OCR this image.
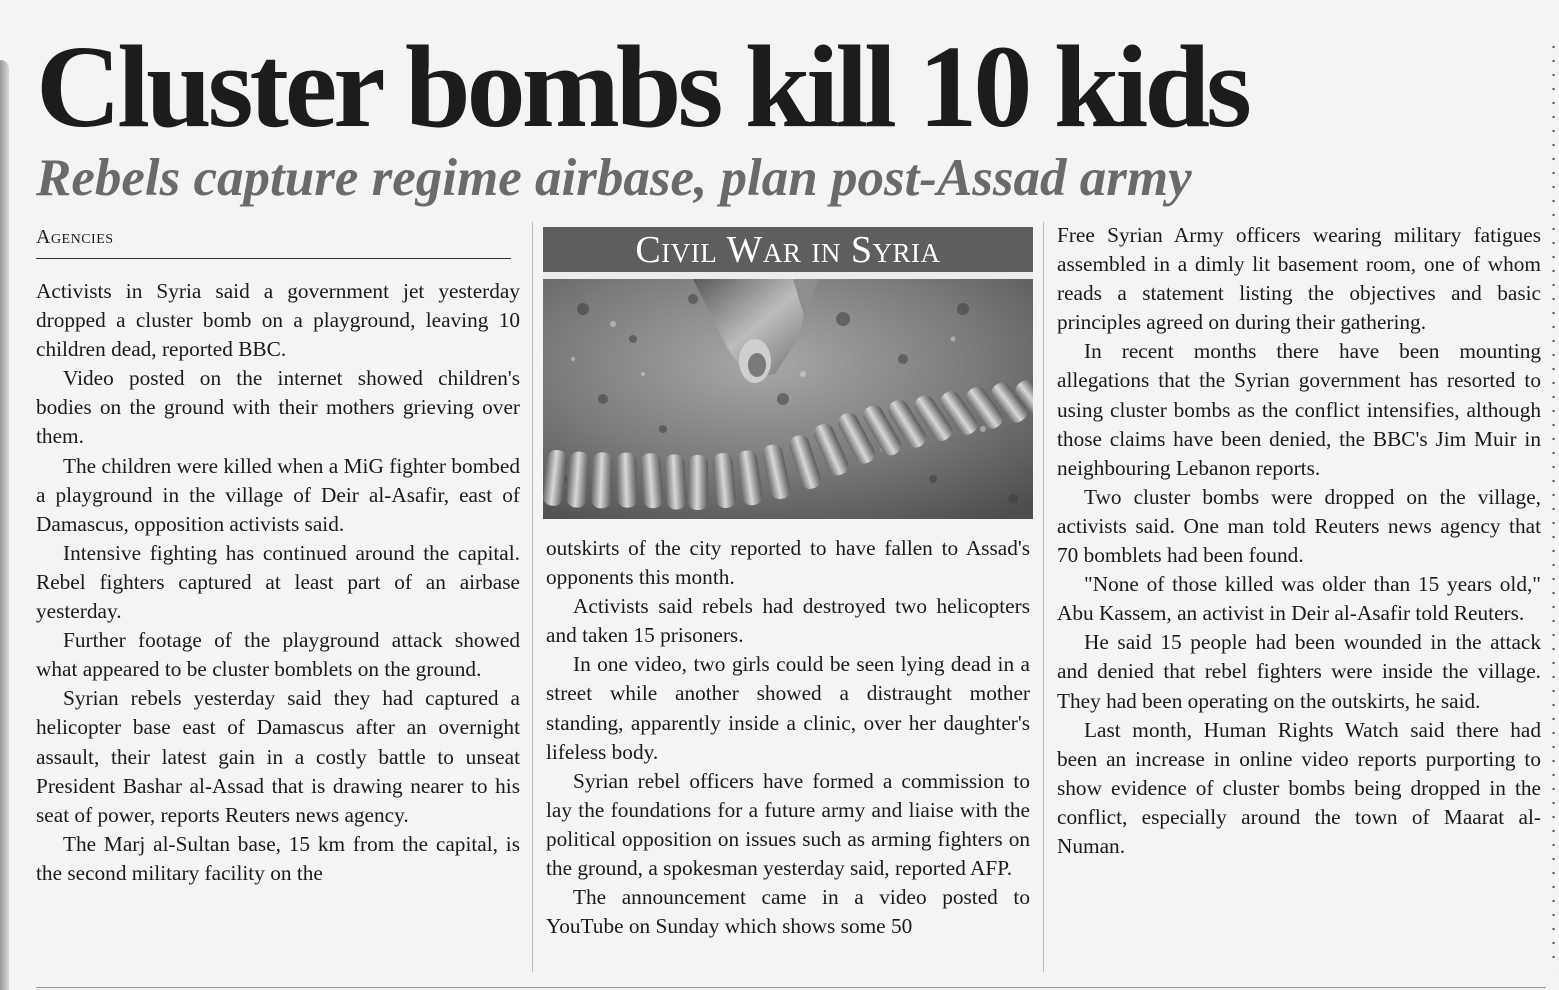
Cluster bombs kill 10 kids
Rebels capture regime airbase, plan post-Assad army
Agencies

Activists in Syria said a government jet yesterday dropped a cluster bomb on a playground, leaving 10 children dead, reported BBC.

Video posted on the internet showed children's bodies on the ground with their mothers grieving over them.

The children were killed when a MiG fighter bombed a playground in the village of Deir al-Asafir, east of Damascus, opposition activists said.

Intensive fighting has continued around the capital. Rebel fighters captured at least part of an airbase yesterday.

Further footage of the playground attack showed what appeared to be cluster bomblets on the ground.

Syrian rebels yesterday said they had captured a helicopter base east of Damascus after an overnight assault, their latest gain in a costly battle to unseat President Bashar al-Assad that is drawing nearer to his seat of power, reports Reuters news agency.

The Marj al-Sultan base, 15 km from the capital, is the second military facility on the

Civil War in Syria

outskirts of the city reported to have fallen to Assad's opponents this month.

Activists said rebels had destroyed two helicopters and taken 15 prisoners.

In one video, two girls could be seen lying dead in a street while another showed a distraught mother standing, apparently inside a clinic, over her daughter's lifeless body.

Syrian rebel officers have formed a commission to lay the foundations for a future army and liaise with the political opposition on issues such as arming fighters on the ground, a spokesman yesterday said, reported AFP.

The announcement came in a video posted to YouTube on Sunday which shows some 50

Free Syrian Army officers wearing military fatigues assembled in a dimly lit basement room, one of whom reads a statement listing the objectives and basic principles agreed on during their gathering.

In recent months there have been mounting allegations that the Syrian government has resorted to using cluster bombs as the conflict intensifies, although those claims have been denied, the BBC's Jim Muir in neighbouring Lebanon reports.

Two cluster bombs were dropped on the village, activists said. One man told Reuters news agency that 70 bomblets had been found.

"None of those killed was older than 15 years old," Abu Kassem, an activist in Deir al-Asafir told Reuters.

He said 15 people had been wounded in the attack and denied that rebel fighters were inside the village. They had been operating on the outskirts, he said.

Last month, Human Rights Watch said there had been an increase in online video reports purporting to show evidence of cluster bombs being dropped in the conflict, especially around the town of Maarat al-Numan.
